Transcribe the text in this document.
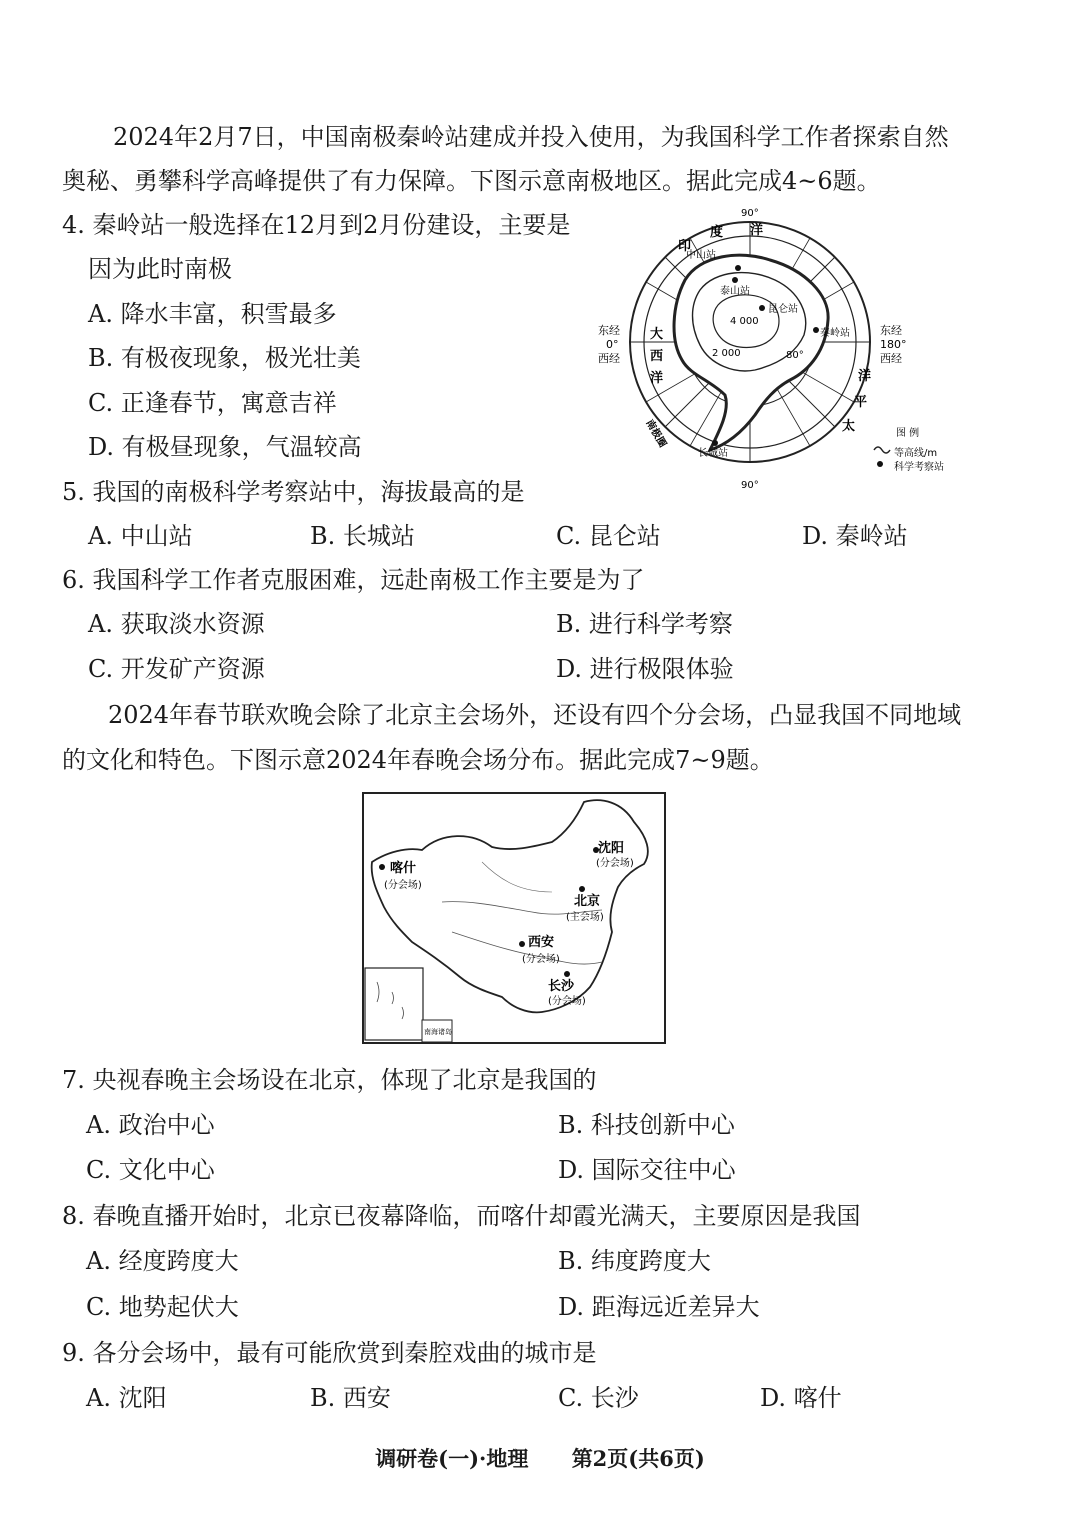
2024年2月7日，中国南极秦岭站建成并投入使用，为我国科学工作者探索自然
奥秘、勇攀科学高峰提供了有力保障。下图示意南极地区。据此完成4~6题。
4. 秦岭站一般选择在12月到2月份建设，主要是
因为此时南极
A. 降水丰富，积雪最多
B. 有极夜现象，极光壮美
C. 正逢春节，寓意吉祥
D. 有极昼现象，气温较高
90°
90°
东经
0°
西经
东经
180°
西经
印
度 洋
大
西
洋
太
平
洋
中山站
泰山站
昆仑站
秦岭站
长城站
4 000
2 000	80°
南极圈	图 例
等高线/m
科学考察站
5. 我国的南极科学考察站中，海拔最高的是
A. 中山站	B. 长城站	C. 昆仑站	D. 秦岭站
6. 我国科学工作者克服困难，远赴南极工作主要是为了
A. 获取淡水资源	B. 进行科学考察
C. 开发矿产资源	D. 进行极限体验
2024年春节联欢晚会除了北京主会场外，还设有四个分会场，凸显我国不同地域
的文化和特色。下图示意2024年春晚会场分布。据此完成7~9题。
喀什
(分会场)
沈阳
(分会场)
北京
(主会场)
西安
(分会场)
长沙
(分会场)
南海诸岛
7. 央视春晚主会场设在北京，体现了北京是我国的
A. 政治中心	B. 科技创新中心
C. 文化中心	D. 国际交往中心
8. 春晚直播开始时，北京已夜幕降临，而喀什却霞光满天，主要原因是我国
A. 经度跨度大	B. 纬度跨度大
C. 地势起伏大	D. 距海远近差异大
9. 各分会场中，最有可能欣赏到秦腔戏曲的城市是
A. 沈阳	B. 西安	C. 长沙	D. 喀什
调研卷(一)·地理 第2页(共6页)
